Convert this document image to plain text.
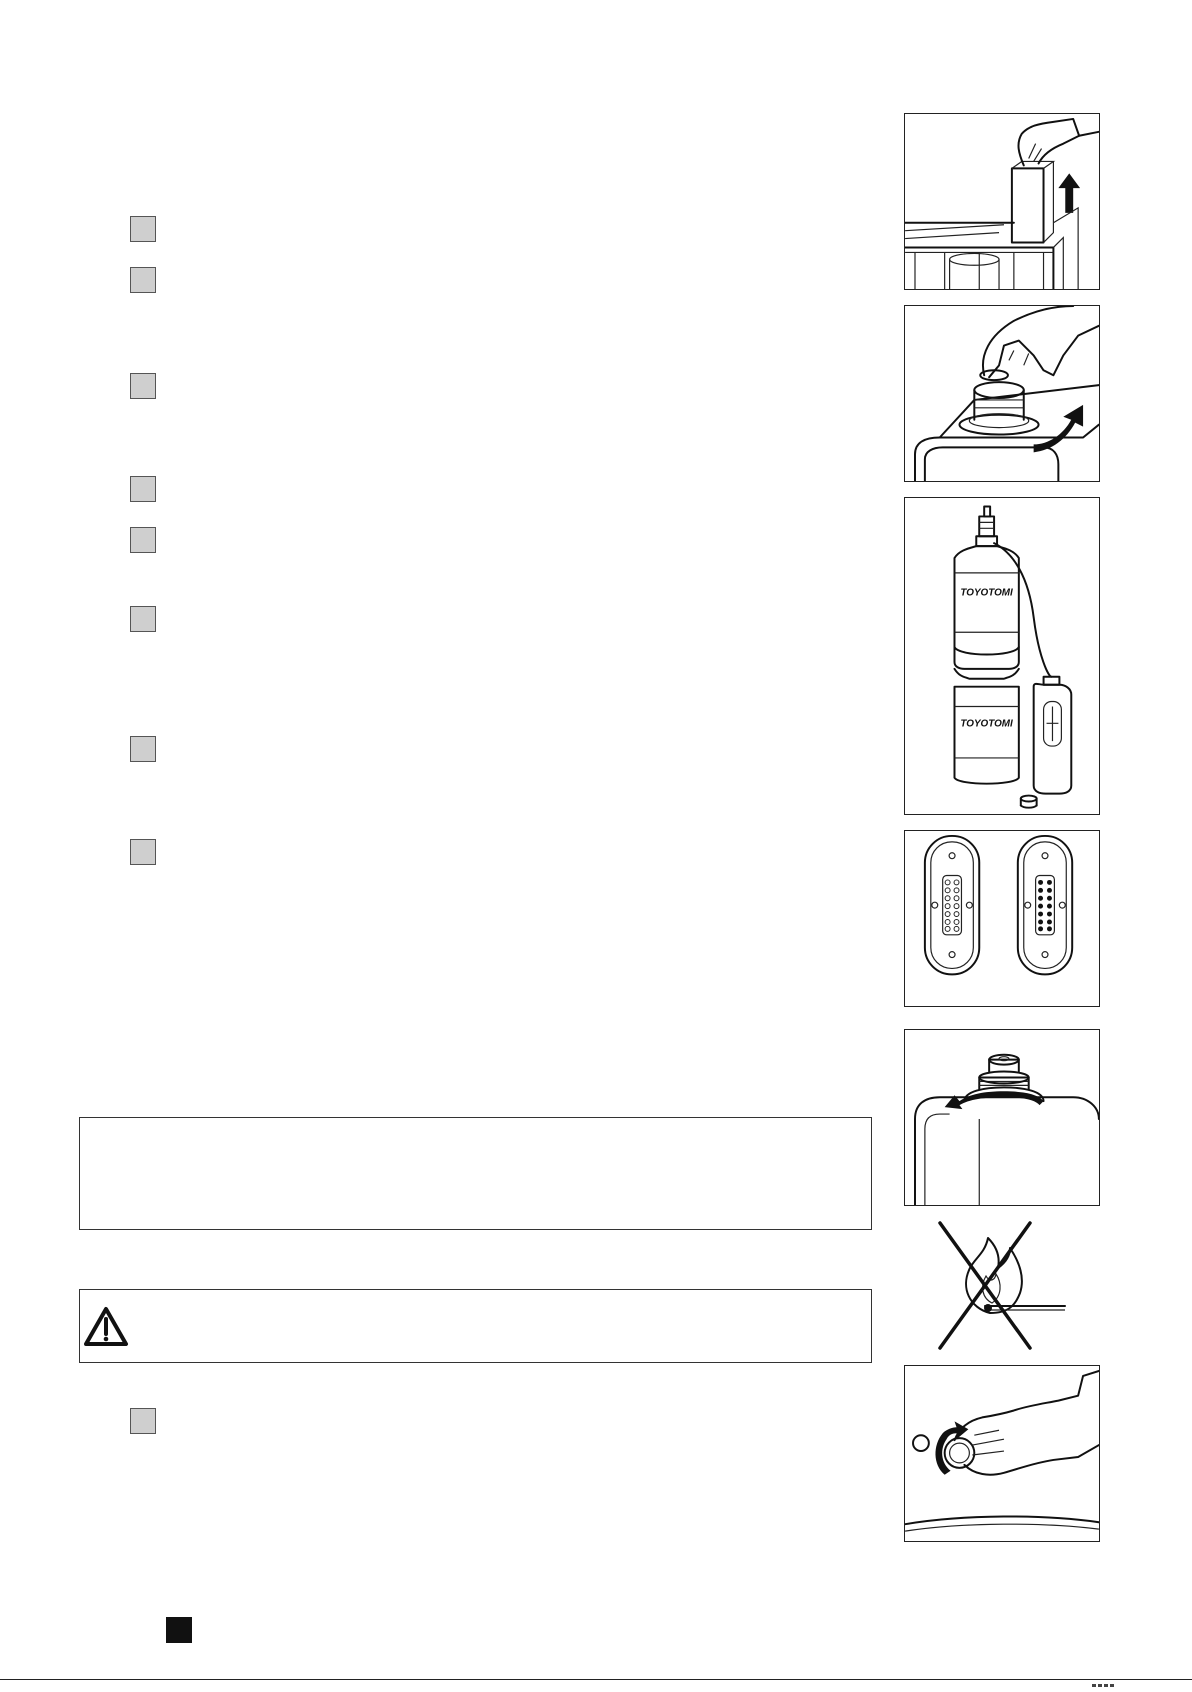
TOYOTOMI
TOYOTOMI
